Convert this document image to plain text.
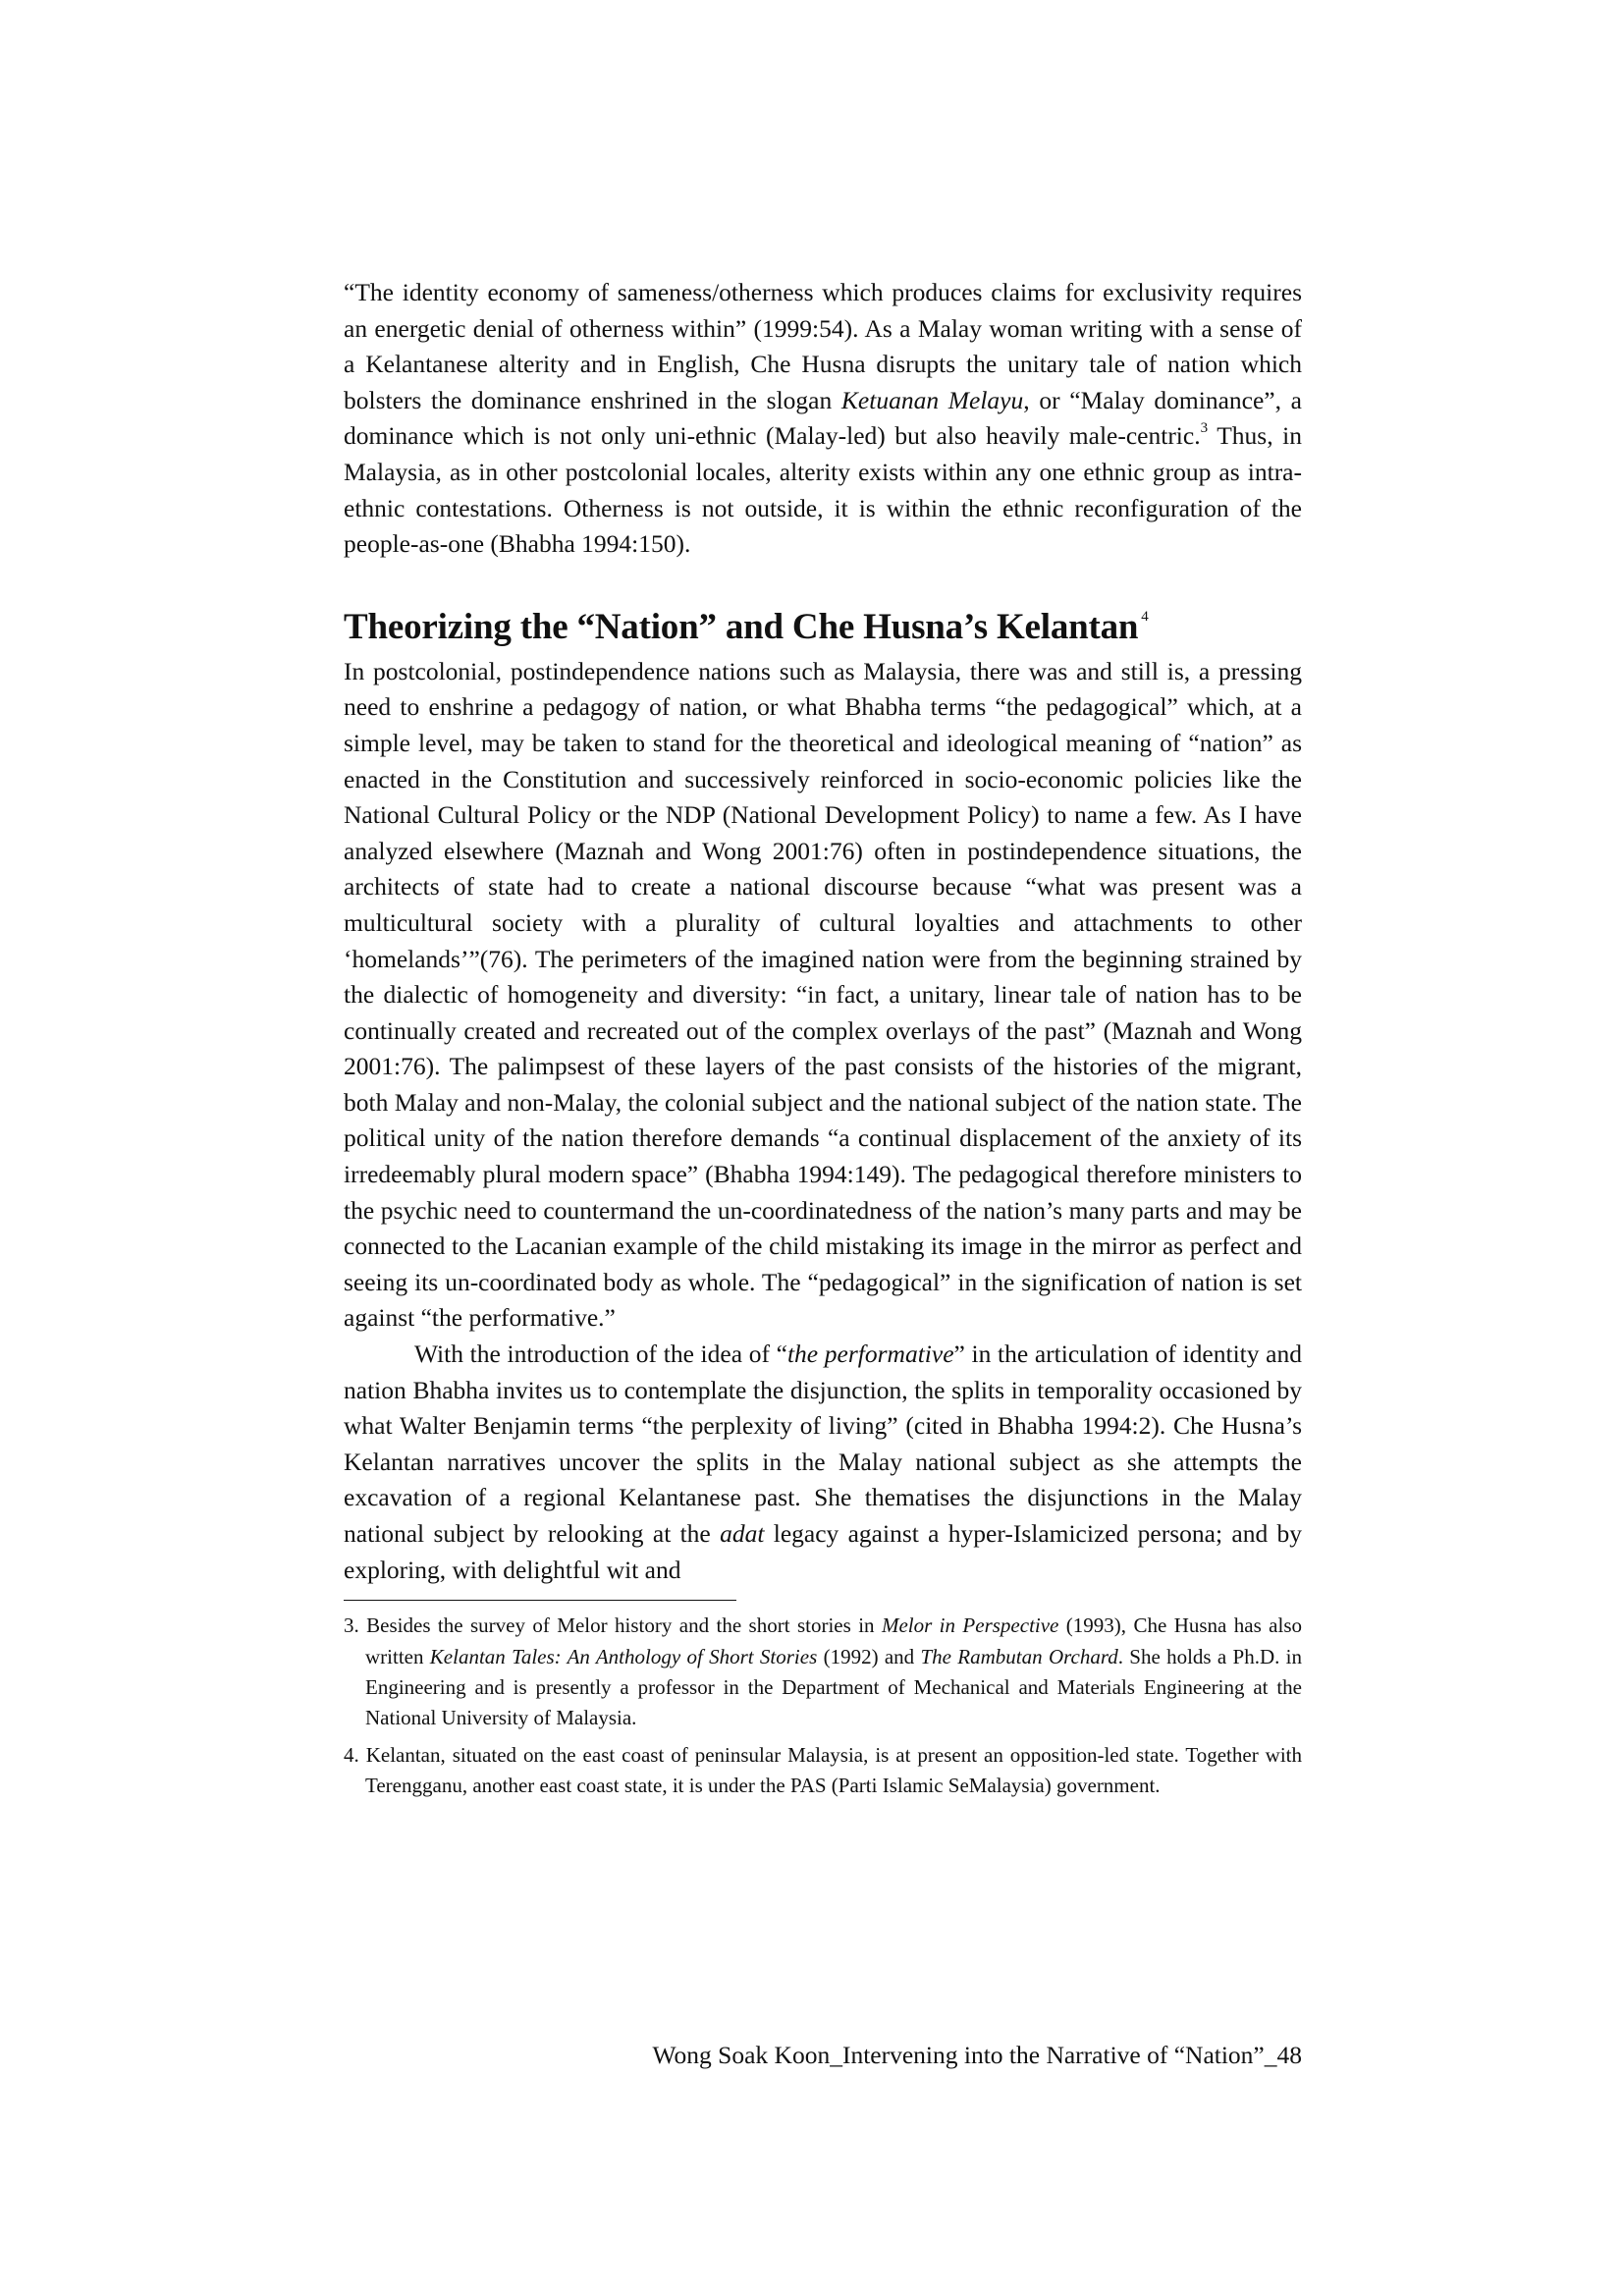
“The identity economy of sameness/otherness which produces claims for exclusivity requires an energetic denial of otherness within” (1999:54). As a Malay woman writing with a sense of a Kelantanese alterity and in English, Che Husna disrupts the unitary tale of nation which bolsters the dominance enshrined in the slogan Ketuanan Melayu, or “Malay dominance”, a dominance which is not only uni-ethnic (Malay-led) but also heavily male-centric.$^3$ Thus, in Malaysia, as in other postcolonial locales, alterity exists within any one ethnic group as intra-ethnic contestations. Otherness is not outside, it is within the ethnic reconfiguration of the people-as-one (Bhabha 1994:150).

Theorizing the “Nation” and Che Husna’s Kelantan $^4$

In postcolonial, postindependence nations such as Malaysia, there was and still is, a pressing need to enshrine a pedagogy of nation, or what Bhabha terms “the pedagogical” which, at a simple level, may be taken to stand for the theoretical and ideological meaning of “nation” as enacted in the Constitution and successively reinforced in socio-economic policies like the National Cultural Policy or the NDP (National Development Policy) to name a few. As I have analyzed elsewhere (Maznah and Wong 2001:76) often in postindependence situations, the architects of state had to create a national discourse because “what was present was a multicultural society with a plurality of cultural loyalties and attachments to other ‘homelands’”(76). The perimeters of the imagined nation were from the beginning strained by the dialectic of homogeneity and diversity: “in fact, a unitary, linear tale of nation has to be continually created and recreated out of the complex overlays of the past” (Maznah and Wong 2001:76). The palimpsest of these layers of the past consists of the histories of the migrant, both Malay and non-Malay, the colonial subject and the national subject of the nation state. The political unity of the nation therefore demands “a continual displacement of the anxiety of its irredeemably plural modern space” (Bhabha 1994:149). The pedagogical therefore ministers to the psychic need to countermand the un-coordinatedness of the nation’s many parts and may be connected to the Lacanian example of the child mistaking its image in the mirror as perfect and seeing its un-coordinated body as whole. The “pedagogical” in the signification of nation is set against “the performative.”

With the introduction of the idea of “the performative” in the articulation of identity and nation Bhabha invites us to contemplate the disjunction, the splits in temporality occasioned by what Walter Benjamin terms “the perplexity of living” (cited in Bhabha 1994:2). Che Husna’s Kelantan narratives uncover the splits in the Malay national subject as she attempts the excavation of a regional Kelantanese past. She thematises the disjunctions in the Malay national subject by relooking at the adat legacy against a hyper-Islamicized persona; and by exploring, with delightful wit and

3. Besides the survey of Melor history and the short stories in Melor in Perspective (1993), Che Husna has also written Kelantan Tales: An Anthology of Short Stories (1992) and The Rambutan Orchard. She holds a Ph.D. in Engineering and is presently a professor in the Department of Mechanical and Materials Engineering at the National University of Malaysia.
4. Kelantan, situated on the east coast of peninsular Malaysia, is at present an opposition-led state. Together with Terengganu, another east coast state, it is under the PAS (Parti Islamic SeMalaysia) government.
Wong Soak Koon_Intervening into the Narrative of “Nation”_48
